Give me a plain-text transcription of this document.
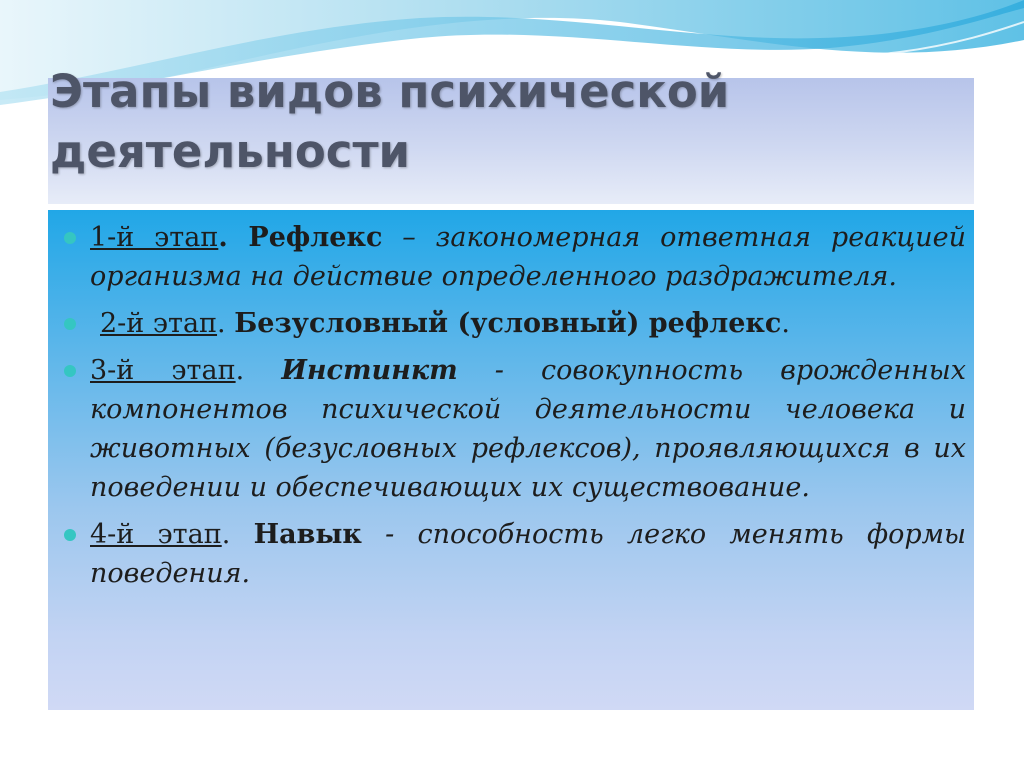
Этапы видов психической
деятельности
1-й этап. Рефлекс – закономерная ответная реакцией организма на действие определенного раздражителя.
2-й этап. Безусловный (условный) рефлекс.
3-й этап. Инстинкт - совокупность врожденных компонентов психической деятельности человека и животных (безусловных рефлексов), проявляющихся в их поведении и обеспечивающих их существование.
4-й этап. Навык - способность легко менять формы поведения.
